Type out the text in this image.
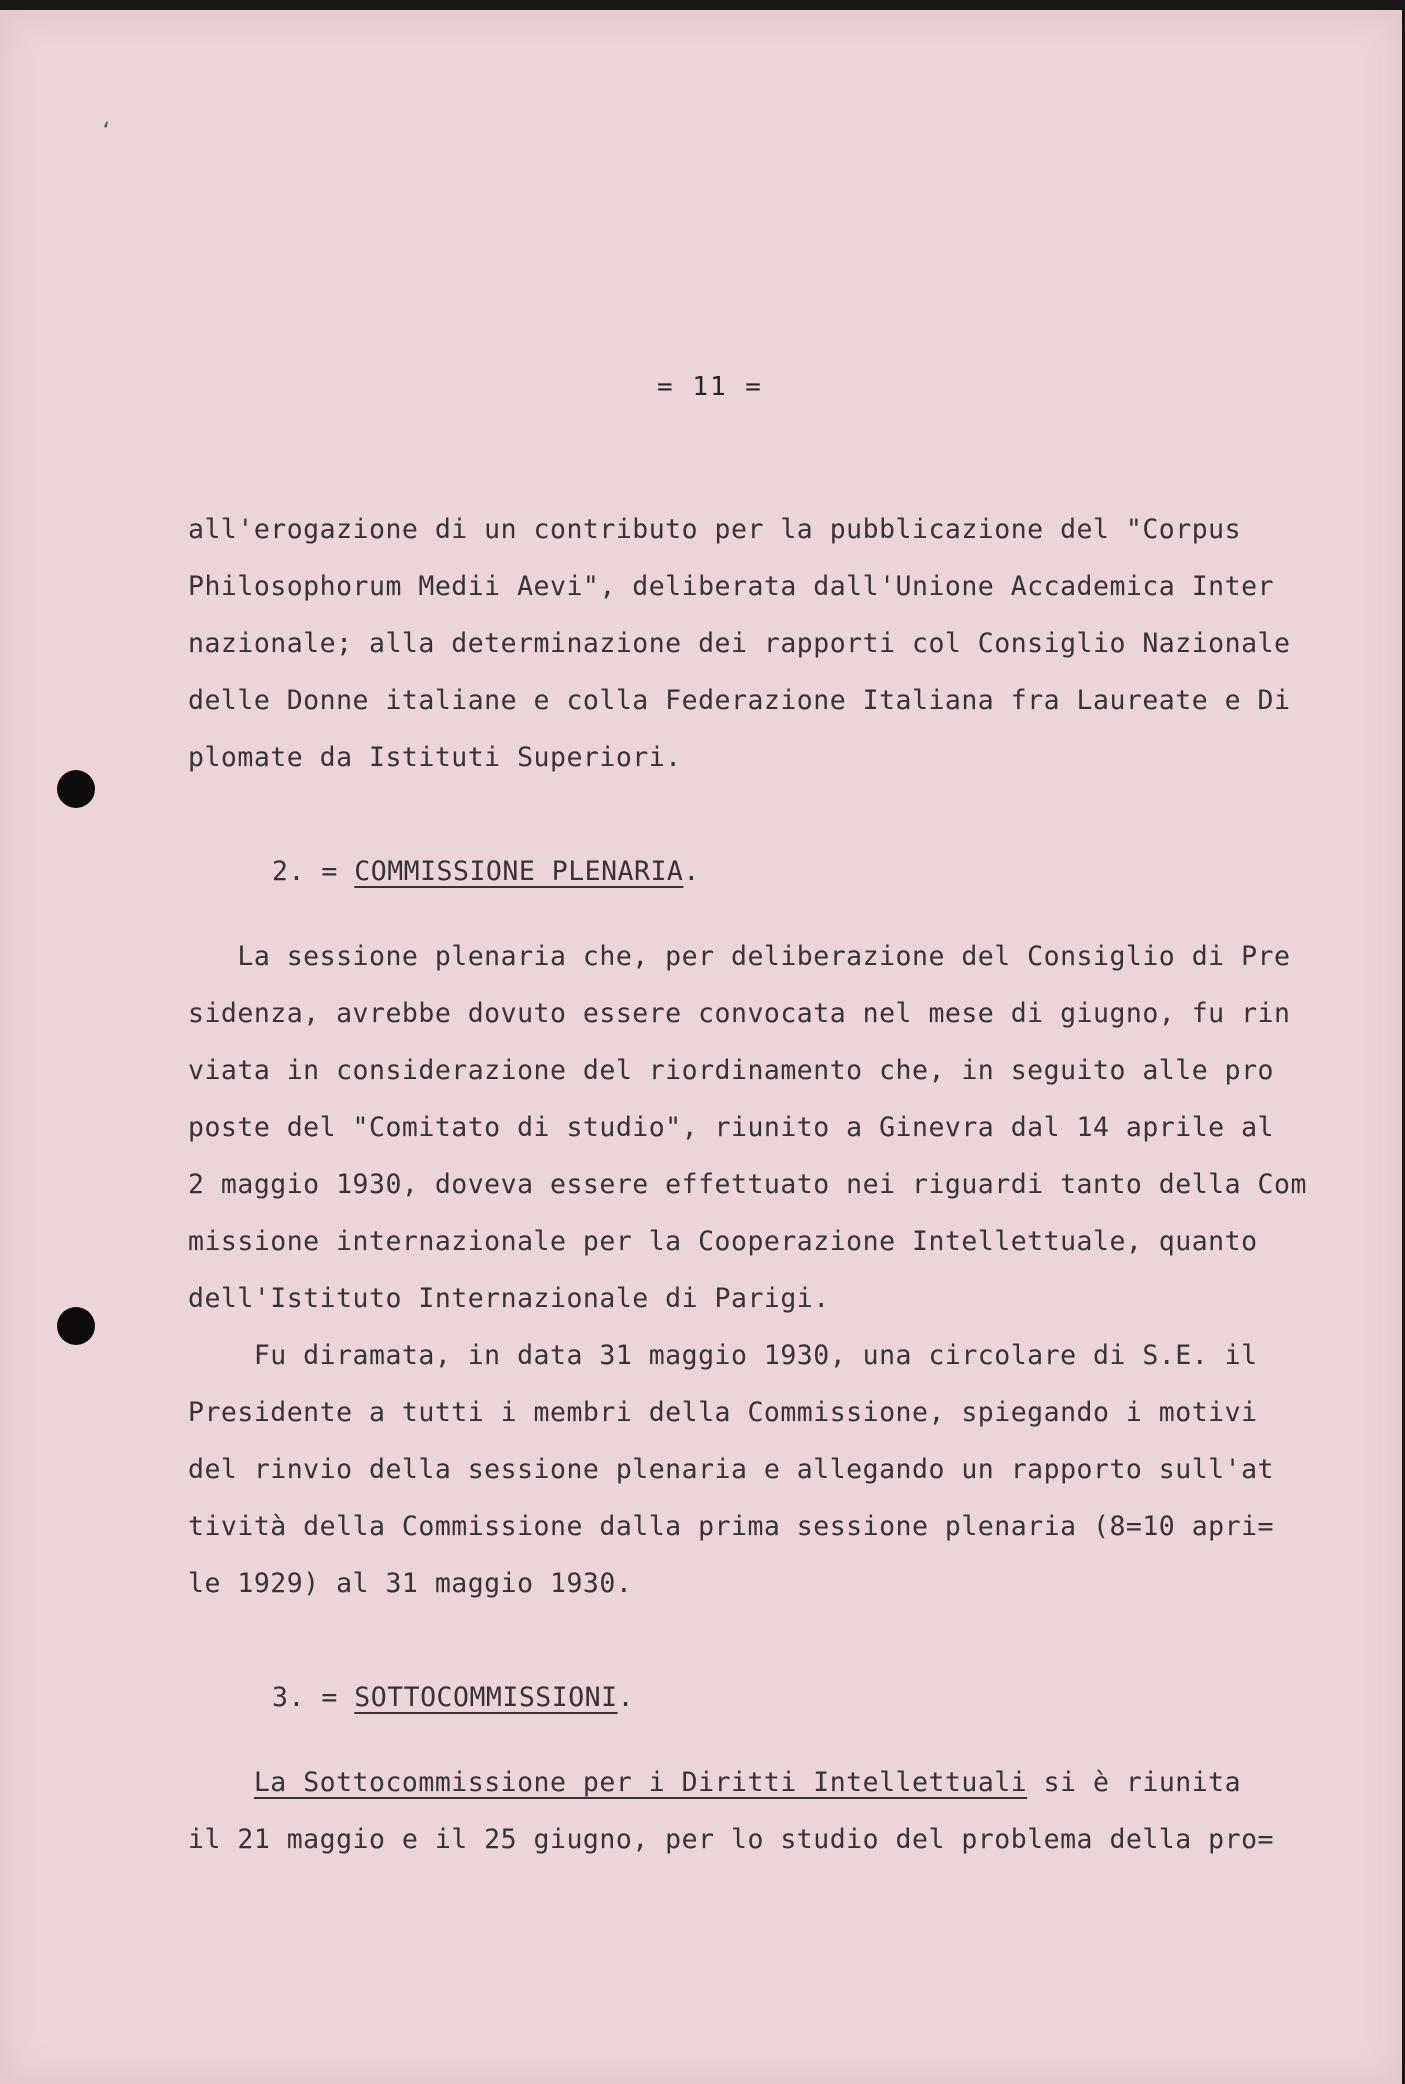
‘
= 11 =
all'erogazione di un contributo per la pubblicazione del "Corpus
Philosophorum Medii Aevi", deliberata dall'Unione Accademica Inter
nazionale; alla determinazione dei rapporti col Consiglio Nazionale
delle Donne italiane e colla Federazione Italiana fra Laureate e Di
plomate da Istituti Superiori.
2. = COMMISSIONE PLENARIA.
La sessione plenaria che, per deliberazione del Consiglio di Pre
sidenza, avrebbe dovuto essere convocata nel mese di giugno, fu rin
viata in considerazione del riordinamento che, in seguito alle pro
poste del "Comitato di studio", riunito a Ginevra dal 14 aprile al
2 maggio 1930, doveva essere effettuato nei riguardi tanto della Com
missione internazionale per la Cooperazione Intellettuale, quanto
dell'Istituto Internazionale di Parigi.
Fu diramata, in data 31 maggio 1930, una circolare di S.E. il
Presidente a tutti i membri della Commissione, spiegando i motivi
del rinvio della sessione plenaria e allegando un rapporto sull'at
tività della Commissione dalla prima sessione plenaria (8=10 apri=
le 1929) al 31 maggio 1930.
3. = SOTTOCOMMISSIONI.
La Sottocommissione per i Diritti Intellettuali si è riunita
il 21 maggio e il 25 giugno, per lo studio del problema della pro=
